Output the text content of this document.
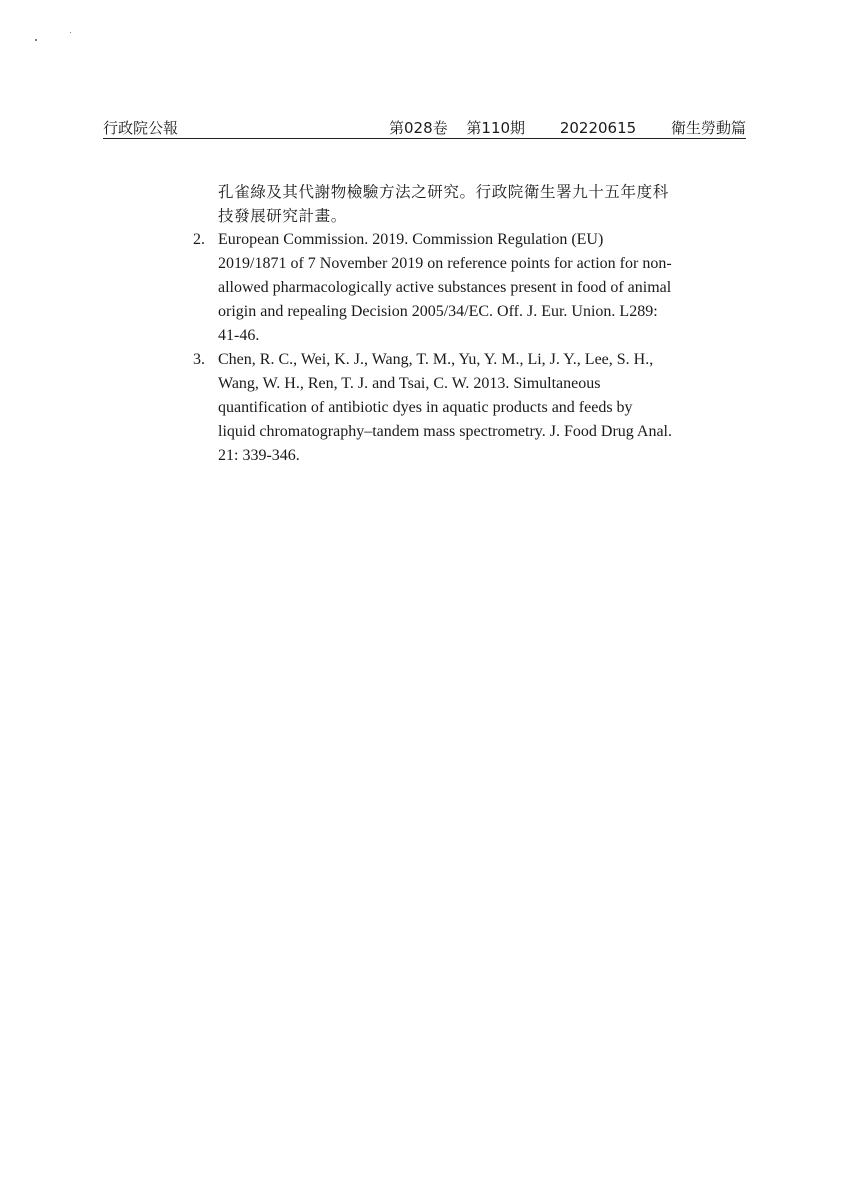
行政院公報	第028卷 第110期 20220615 衛生勞動篇
孔雀綠及其代謝物檢驗方法之研究。行政院衛生署九十五年度科技發展研究計畫。
2. European Commission. 2019. Commission Regulation (EU) 2019/1871 of 7 November 2019 on reference points for action for non-allowed pharmacologically active substances present in food of animal origin and repealing Decision 2005/34/EC. Off. J. Eur. Union. L289: 41-46.
3. Chen, R. C., Wei, K. J., Wang, T. M., Yu, Y. M., Li, J. Y., Lee, S. H., Wang, W. H., Ren, T. J. and Tsai, C. W. 2013. Simultaneous quantification of antibiotic dyes in aquatic products and feeds by liquid chromatography–tandem mass spectrometry. J. Food Drug Anal. 21: 339-346.
